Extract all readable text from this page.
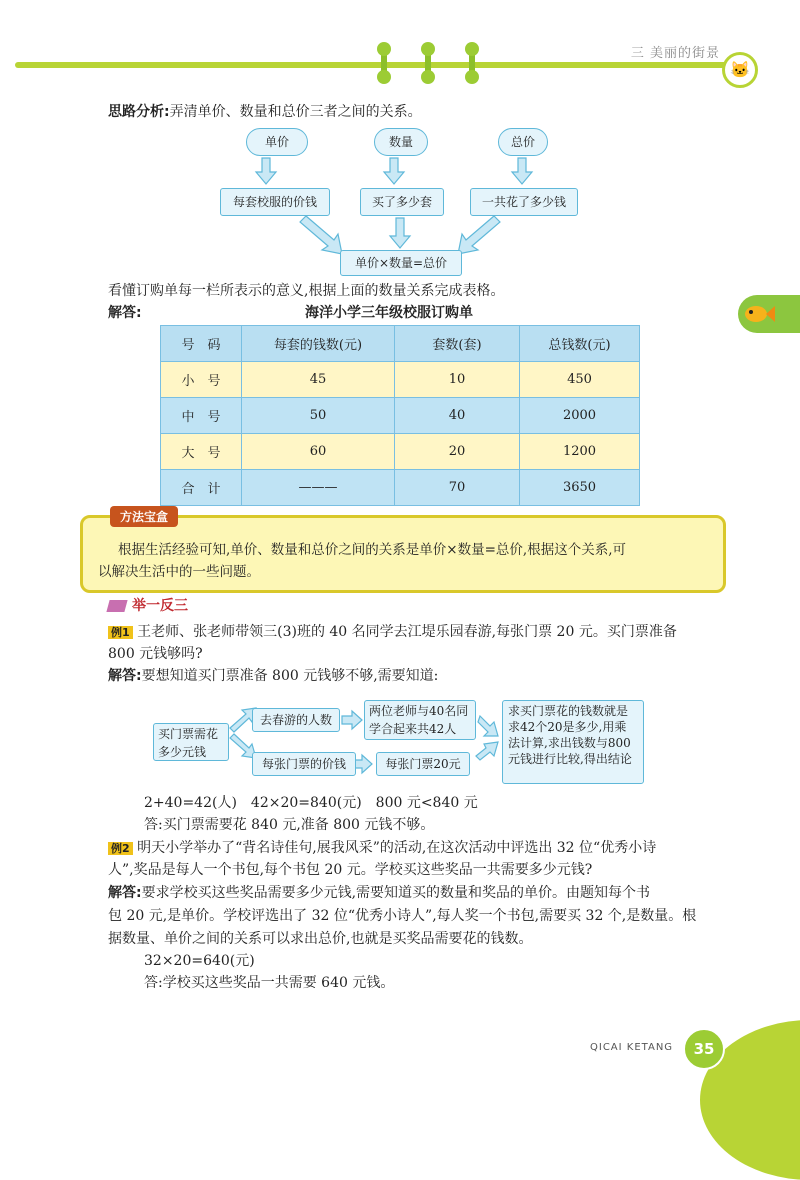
三 美丽的街景
🐱
思路分析:弄清单价、数量和总价三者之间的关系。
单价	数量	总价
每套校服的价钱	买了多少套	一共花了多少钱
单价×数量=总价
看懂订购单每一栏所表示的意义,根据上面的数量关系完成表格。
解答:	海洋小学三年级校服订购单
号　码	每套的钱数(元)	套数(套)	总钱数(元)
小　号	45	10	450
中　号	50	40	2000
大　号	60	20	1200
合　计	———	70	3650
方法宝盒
根据生活经验可知,单价、数量和总价之间的关系是单价×数量=总价,根据这个关系,可
以解决生活中的一些问题。
举一反三
例1 王老师、张老师带领三(3)班的 40 名同学去江堤乐园春游,每张门票 20 元。买门票准备
800 元钱够吗?
解答:要想知道买门票准备 800 元钱够不够,需要知道:
买门票需花多少元钱
去春游的人数
两位老师与40名同学合起来共42人
每张门票的价钱	每张门票20元
求买门票花的钱数就是求42个20是多少,用乘法计算,求出钱数与800元钱进行比较,得出结论
2+40=42(人)　42×20=840(元)　800 元<840 元
答:买门票需要花 840 元,准备 800 元钱不够。
例2 明天小学举办了“背名诗佳句,展我风采”的活动,在这次活动中评选出 32 位“优秀小诗
人”,奖品是每人一个书包,每个书包 20 元。学校买这些奖品一共需要多少元钱?
解答:要求学校买这些奖品需要多少元钱,需要知道买的数量和奖品的单价。由题知每个书
包 20 元,是单价。学校评选出了 32 位“优秀小诗人”,每人奖一个书包,需要买 32 个,是数量。根
据数量、单价之间的关系可以求出总价,也就是买奖品需要花的钱数。
32×20=640(元)
答:学校买这些奖品一共需要 640 元钱。
QICAI KETANG	35
